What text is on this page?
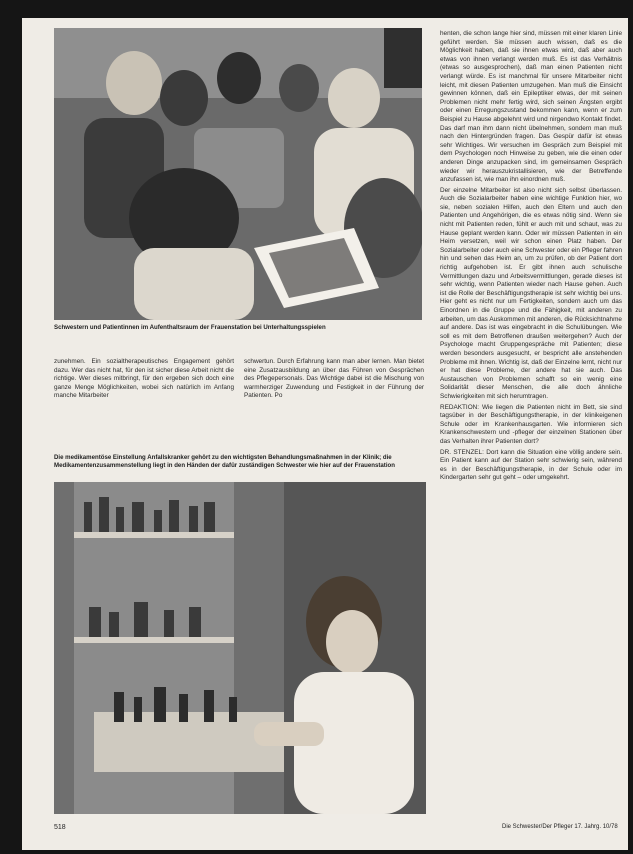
Schwestern und Patientinnen im Aufenthaltsraum der Frauenstation bei Unterhaltungsspielen
zunehmen. Ein sozialtherapeutisches Engagement gehört dazu. Wer das nicht hat, für den ist sicher diese Arbeit nicht die richtige. Wer dieses mitbringt, für den ergeben sich doch eine ganze Menge Möglichkeiten, wobei sich natürlich im Anfang manche Mitarbeiter
schwertun. Durch Erfahrung kann man aber lernen. Man bietet eine Zusatzausbildung an über das Führen von Gesprächen des Pflegepersonals. Das Wichtige dabei ist die Mischung von warmherziger Zuwendung und Festigkeit in der Führung der Patienten. Po
Die medikamentöse Einstellung Anfallskranker gehört zu den wichtigsten Behandlungsmaßnahmen in der Klinik; die Medikamentenzusammenstellung liegt in den Händen der dafür zuständigen Schwester wie hier auf der Frauenstation

henten, die schon lange hier sind, müssen mit einer klaren Linie geführt werden. Sie müssen auch wissen, daß es die Möglichkeit haben, daß sie ihnen etwas wird, daß aber auch etwas von ihnen verlangt werden muß. Es ist das Verhältnis (etwas so ausgesprochen), daß man einen Patienten nicht verlangt würde. Es ist manchmal für unsere Mitarbeiter nicht leicht, mit diesen Patienten umzugehen. Man muß die Einsicht gewinnen können, daß ein Epileptiker etwas, der mit seinen Problemen nicht mehr fertig wird, sich seinen Ängsten ergibt oder einen Erregungszustand bekommen kann, wenn er zum Beispiel zu Hause abgelehnt wird und nirgendwo Kontakt findet. Das darf man ihm dann nicht übelnehmen, sondern man muß nach den Hintergründen fragen. Das Gespür dafür ist etwas sehr Wichtiges. Wir versuchen im Gespräch zum Beispiel mit dem Psychologen noch Hinweise zu geben, wie die einen oder anderen Dinge anzupacken sind, im gemeinsamen Gespräch wieder wir herauszukristallisieren, wie der Betreffende anzufassen ist, wie man ihn einordnen muß.

Der einzelne Mitarbeiter ist also nicht sich selbst überlassen. Auch die Sozialarbeiter haben eine wichtige Funktion hier, wo sie, neben sozialen Hilfen, auch den Eltern und auch den Patienten und Angehörigen, die es etwas nötig sind. Wenn sie nicht mit Patienten reden, fühlt er auch mit und schaut, was zu Hause geplant werden kann. Oder wir müssen Patienten in ein Heim versetzen, weil wir schon einen Platz haben. Der Sozialarbeiter oder auch eine Schwester oder ein Pfleger fahren hin und sehen das Heim an, um zu prüfen, ob der Patient dort richtig aufgehoben ist. Er gibt ihnen auch schulische Vermittlungen dazu und Arbeitsvermittlungen, gerade dieses ist sehr wichtig, wenn Patienten wieder nach Hause gehen. Auch ist die Rolle der Beschäftigungstherapie ist sehr wichtig bei uns. Hier geht es nicht nur um Fertigkeiten, sondern auch um das Einordnen in die Gruppe und die Fähigkeit, mit anderen zu arbeiten, um das Auskommen mit anderen, die Rücksichtnahme auf andere. Das ist was eingebracht in die Schulübungen. Wie soll es mit dem Betroffenen draußen weitergehen? Auch der Psychologe macht Gruppengespräche mit Patienten; diese werden besonders ausgesucht, er bespricht alle anstehenden Probleme mit ihnen. Wichtig ist, daß der Einzelne lernt, nicht nur er hat diese Probleme, der andere hat sie auch. Das Austauschen von Problemen schafft so ein wenig eine Solidarität dieser Menschen, die alle doch ähnliche Schwierigkeiten mit sich herumtragen.

REDAKTION: Wie liegen die Patienten nicht im Bett, sie sind tagsüber in der Beschäftigungstherapie, in der klinikeigenen Schule oder im Krankenhausgarten. Wie informieren sich Krankenschwestern und -pfleger der einzelnen Stationen über das Verhalten ihrer Patienten dort?

DR. STENZEL: Dort kann die Situation eine völlig andere sein. Ein Patient kann auf der Station sehr schwierig sein, während es in der Beschäftigungstherapie, in der Schule oder im Kindergarten sehr gut geht – oder umgekehrt.

518	Die Schwester/Der Pfleger 17. Jahrg. 10/78
